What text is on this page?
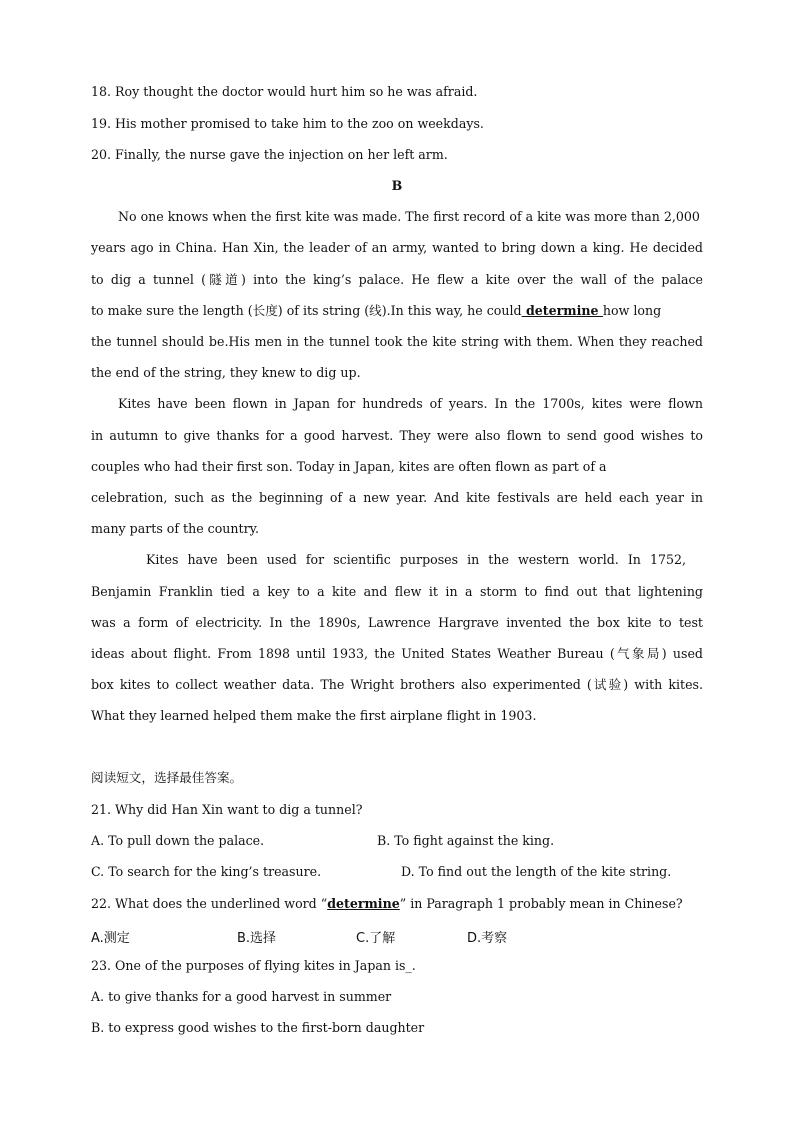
18. Roy thought the doctor would hurt him so he was afraid.
19. His mother promised to take him to the zoo on weekdays.
20. Finally, the nurse gave the injection on her left arm.
B
No one knows when the first kite was made. The first record of a kite was more than 2,000
years ago in China. Han Xin, the leader of an army, wanted to bring down a king. He decided
to dig a tunnel (隧道) into the king’s palace. He flew a kite over the wall of the palace
to make sure the length (长度) of its string (线).In this way, he could determine how long
the tunnel should be.His men in the tunnel took the kite string with them. When they reached
the end of the string, they knew to dig up.
Kites have been flown in Japan for hundreds of years. In the 1700s, kites were flown
in autumn to give thanks for a good harvest. They were also flown to send good wishes to
couples who had their first son. Today in Japan, kites are often flown as part of a
celebration, such as the beginning of a new year. And kite festivals are held each year in
many parts of the country.
Kites have been used for scientific purposes in the western world. In 1752,
Benjamin Franklin tied a key to a kite and flew it in a storm to find out that lightening
was a form of electricity. In the 1890s, Lawrence Hargrave invented the box kite to test
ideas about flight. From 1898 until 1933, the United States Weather Bureau (气象局) used
box kites to collect weather data. The Wright brothers also experimented (试验) with kites.
What they learned helped them make the first airplane flight in 1903.
阅读短文，选择最佳答案。
21. Why did Han Xin want to dig a tunnel?
A. To pull down the palace.	B. To fight against the king.
C. To search for the king’s treasure.	D. To find out the length of the kite string.
22. What does the underlined word “determine” in Paragraph 1 probably mean in Chinese?
A.测定	B.选择	C.了解	D.考察
23. One of the purposes of flying kites in Japan is_.
A. to give thanks for a good harvest in summer
B. to express good wishes to the first-born daughter
